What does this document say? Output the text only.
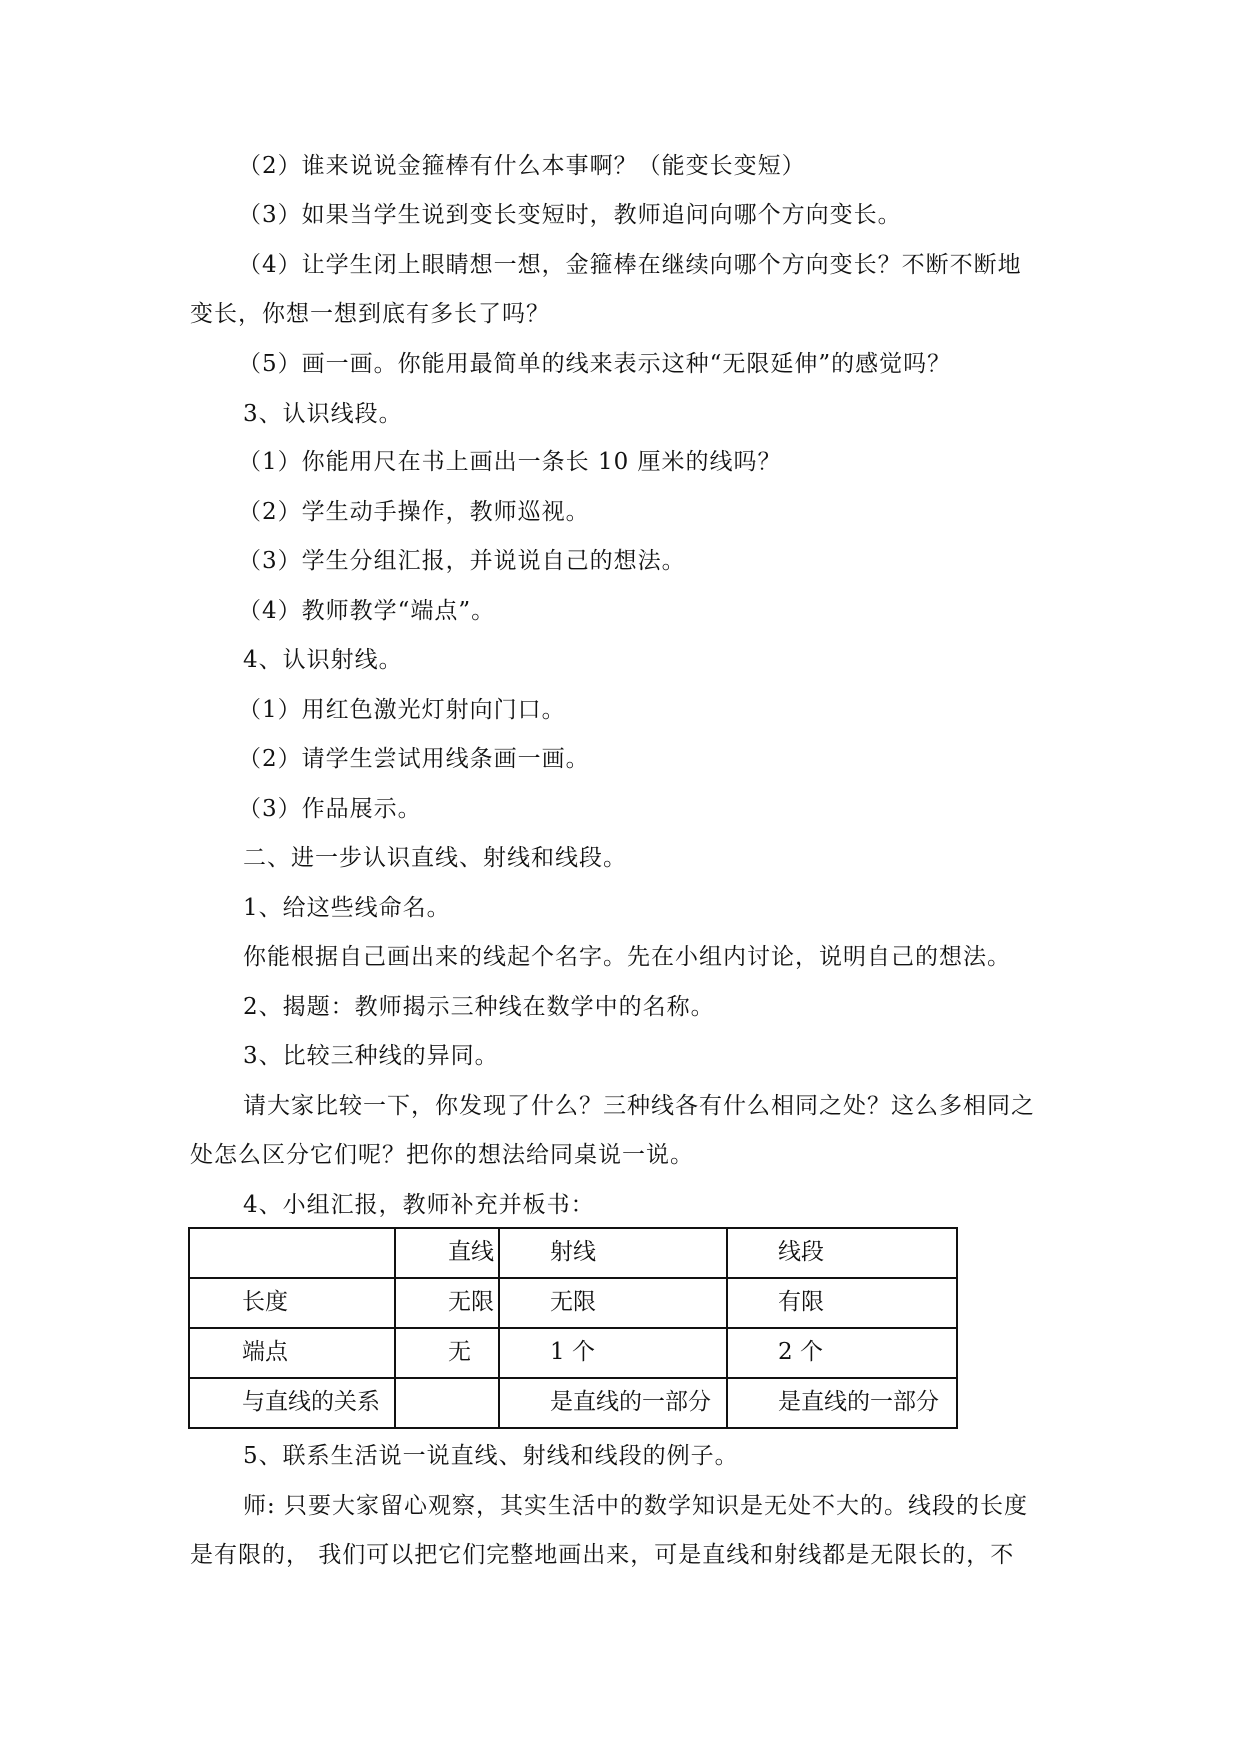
（2）谁来说说金箍棒有什么本事啊？（能变长变短）
（3）如果当学生说到变长变短时，教师追问向哪个方向变长。
（4）让学生闭上眼睛想一想，金箍棒在继续向哪个方向变长？不断不断地
变长，你想一想到底有多长了吗？
（5）画一画。你能用最简单的线来表示这种“无限延伸”的感觉吗？
3、认识线段。
（1）你能用尺在书上画出一条长 10 厘米的线吗？
（2）学生动手操作，教师巡视。
（3）学生分组汇报，并说说自己的想法。
（4）教师教学“端点”。
4、认识射线。
（1）用红色激光灯射向门口。
（2）请学生尝试用线条画一画。
（3）作品展示。
二、进一步认识直线、射线和线段。
1、给这些线命名。
你能根据自己画出来的线起个名字。先在小组内讨论，说明自己的想法。
2、揭题：教师揭示三种线在数学中的名称。
3、比较三种线的异同。
请大家比较一下，你发现了什么？三种线各有什么相同之处？这么多相同之
处怎么区分它们呢？把你的想法给同桌说一说。
4、小组汇报，教师补充并板书：

	直线	射线	线段

长度	无限	无限	有限

端点	无	1 个	2 个

与直线的关系		是直线的一部分	是直线的一部分
5、联系生活说一说直线、射线和线段的例子。
师: 只要大家留心观察，其实生活中的数学知识是无处不大的。线段的长度
是有限的， 我们可以把它们完整地画出来，可是直线和射线都是无限长的，不
